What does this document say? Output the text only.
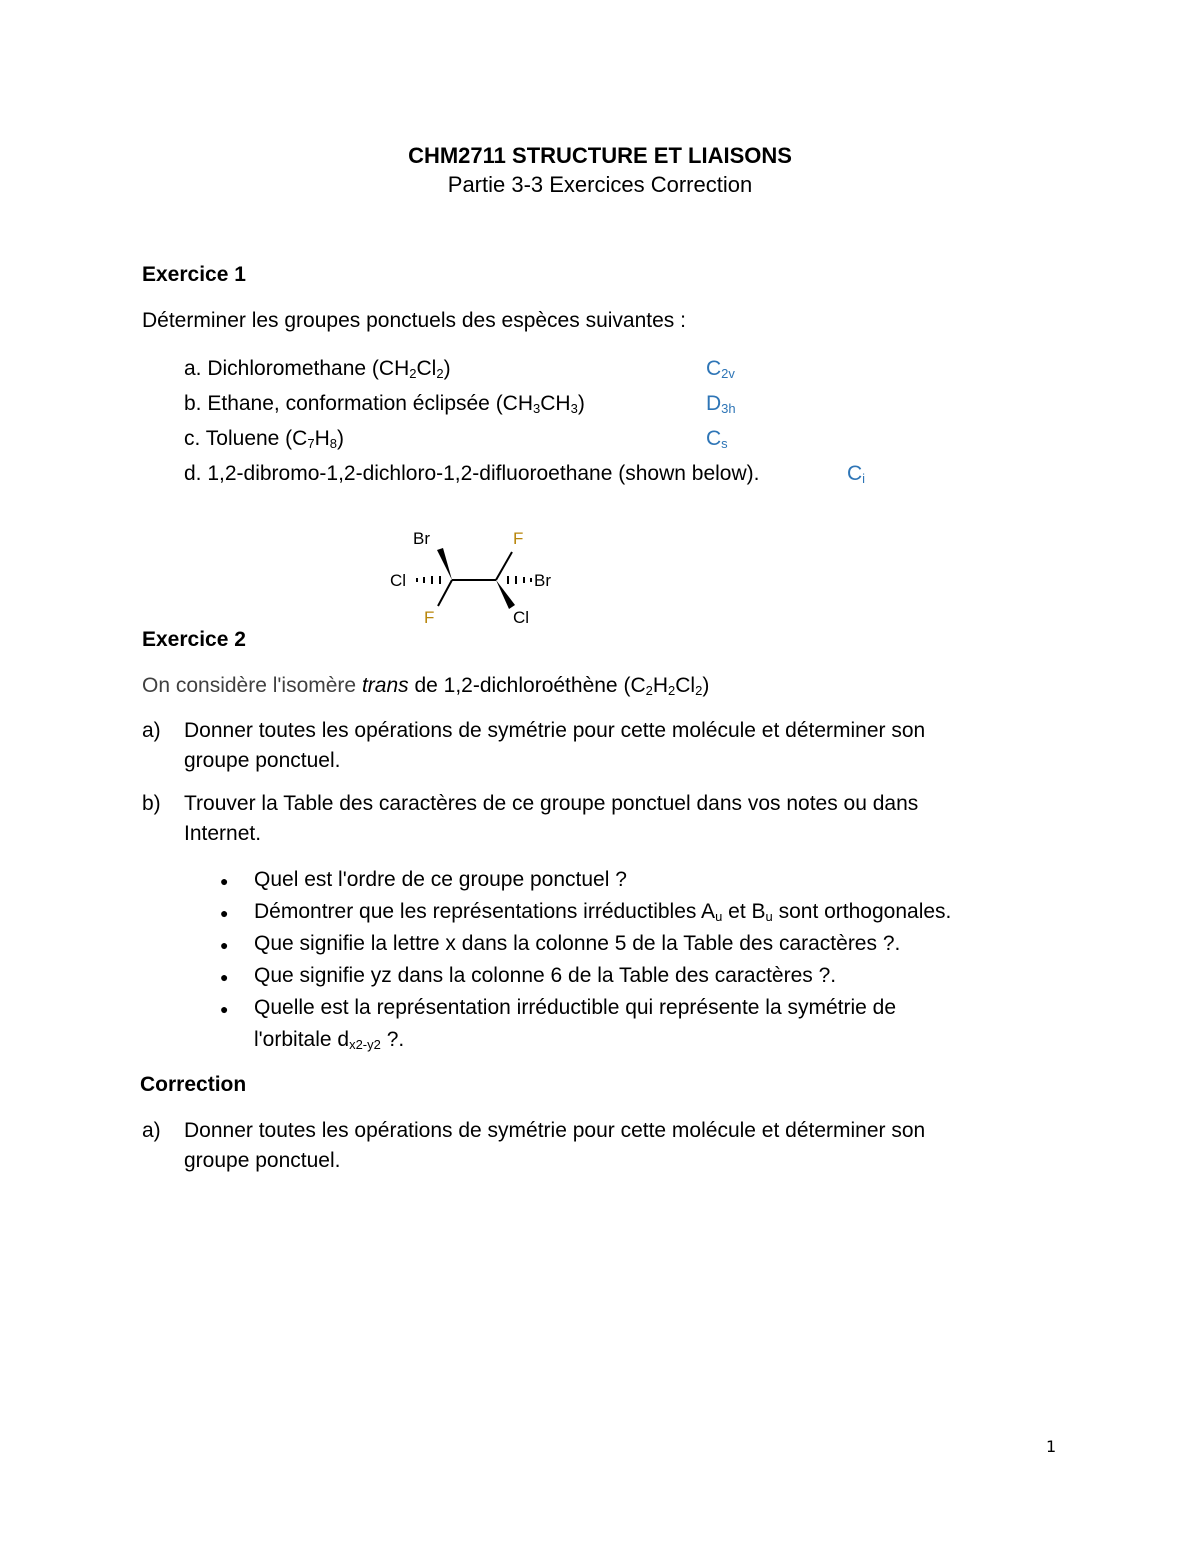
CHM2711 STRUCTURE ET LIAISONS
Partie 3-3 Exercices Correction
Exercice 1
Déterminer les groupes ponctuels des espèces suivantes :
a. Dichloromethane $(CH_2Cl_2)$	$C_{2v}$
b. Ethane, conformation éclipsée $(CH_3CH_3)$	$D_{3h}$
c. Toluene $(C_7H_8)$	$C_s$
d. 1,2-dibromo-1,2-dichloro-1,2-difluoroethane (shown below).	$C_i$
Br
Cl
F
F
Br
Cl
Exercice 2
On considère l'isomère trans de 1,2-dichloroéthène $(C_2H_2Cl_2)$
a) Donner toutes les opérations de symétrie pour cette molécule et déterminer son
groupe ponctuel.
b) Trouver la Table des caractères de ce groupe ponctuel dans vos notes ou dans
Internet.
● Quel est l'ordre de ce groupe ponctuel ?
● Démontrer que les représentations irréductibles $A_u$ et $B_u$ sont orthogonales.
● Que signifie la lettre x dans la colonne 5 de la Table des caractères ?.
● Que signifie yz dans la colonne 6 de la Table des caractères ?.
● Quelle est la représentation irréductible qui représente la symétrie de
l'orbitale $d_{x2-y2}$ ?.
Correction
a) Donner toutes les opérations de symétrie pour cette molécule et déterminer son
groupe ponctuel.
1
